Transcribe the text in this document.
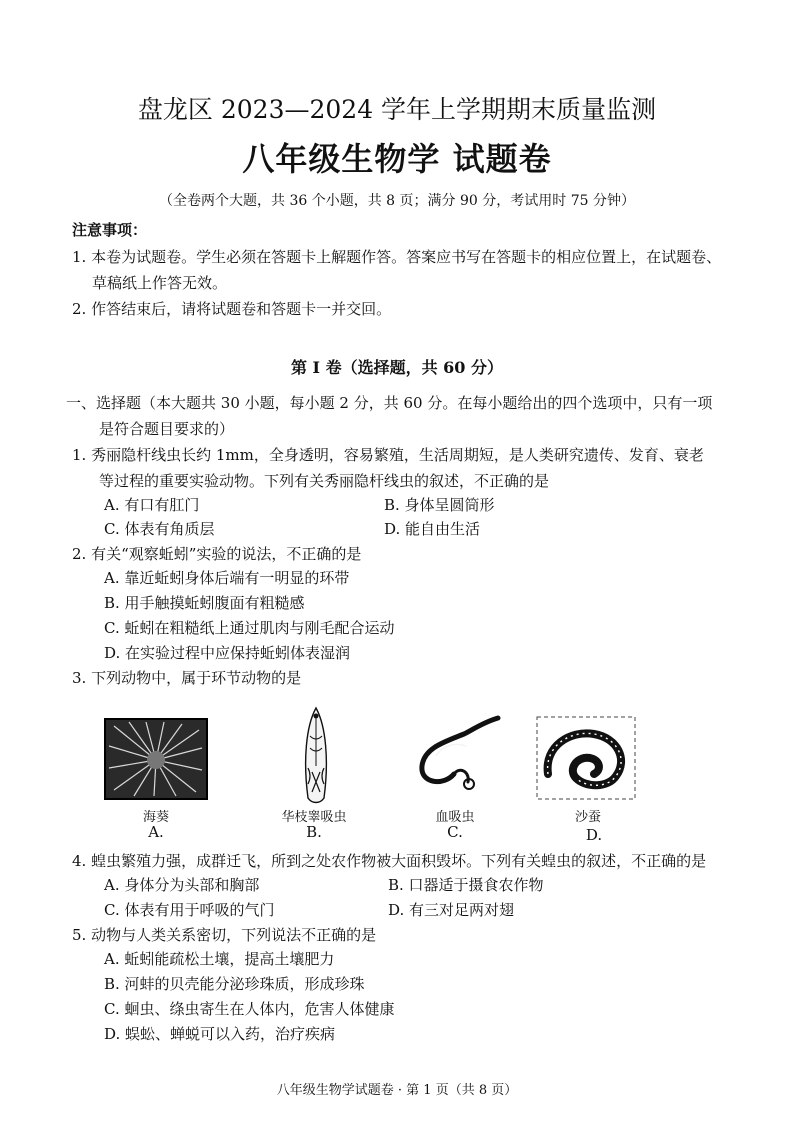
盘龙区 2023—2024 学年上学期期末质量监测
八年级生物学 试题卷
（全卷两个大题，共 36 个小题，共 8 页；满分 90 分，考试用时 75 分钟）
注意事项：
1. 本卷为试题卷。学生必须在答题卡上解题作答。答案应书写在答题卡的相应位置上，在试题卷、
草稿纸上作答无效。
2. 作答结束后，请将试题卷和答题卡一并交回。
第 I 卷（选择题，共 60 分）
一、选择题（本大题共 30 小题，每小题 2 分，共 60 分。在每小题给出的四个选项中，只有一项
是符合题目要求的）
1. 秀丽隐杆线虫长约 1mm，全身透明，容易繁殖，生活周期短，是人类研究遗传、发育、衰老
等过程的重要实验动物。下列有关秀丽隐杆线虫的叙述，不正确的是
A. 有口有肛门	B. 身体呈圆筒形
C. 体表有角质层	D. 能自由生活
2. 有关“观察蚯蚓”实验的说法，不正确的是
A. 靠近蚯蚓身体后端有一明显的环带
B. 用手触摸蚯蚓腹面有粗糙感
C. 蚯蚓在粗糙纸上通过肌肉与刚毛配合运动
D. 在实验过程中应保持蚯蚓体表湿润
3. 下列动物中，属于环节动物的是
海葵
A.
华枝睾吸虫
B.
血吸虫
C.
沙蚕
D.
4. 蝗虫繁殖力强，成群迁飞，所到之处农作物被大面积毁坏。下列有关蝗虫的叙述，不正确的是
A. 身体分为头部和胸部	B. 口器适于摄食农作物
C. 体表有用于呼吸的气门	D. 有三对足两对翅
5. 动物与人类关系密切，下列说法不正确的是
A. 蚯蚓能疏松土壤，提高土壤肥力
B. 河蚌的贝壳能分泌珍珠质，形成珍珠
C. 蛔虫、绦虫寄生在人体内，危害人体健康
D. 蜈蚣、蝉蜕可以入药，治疗疾病
八年级生物学试题卷 · 第 1 页（共 8 页）
